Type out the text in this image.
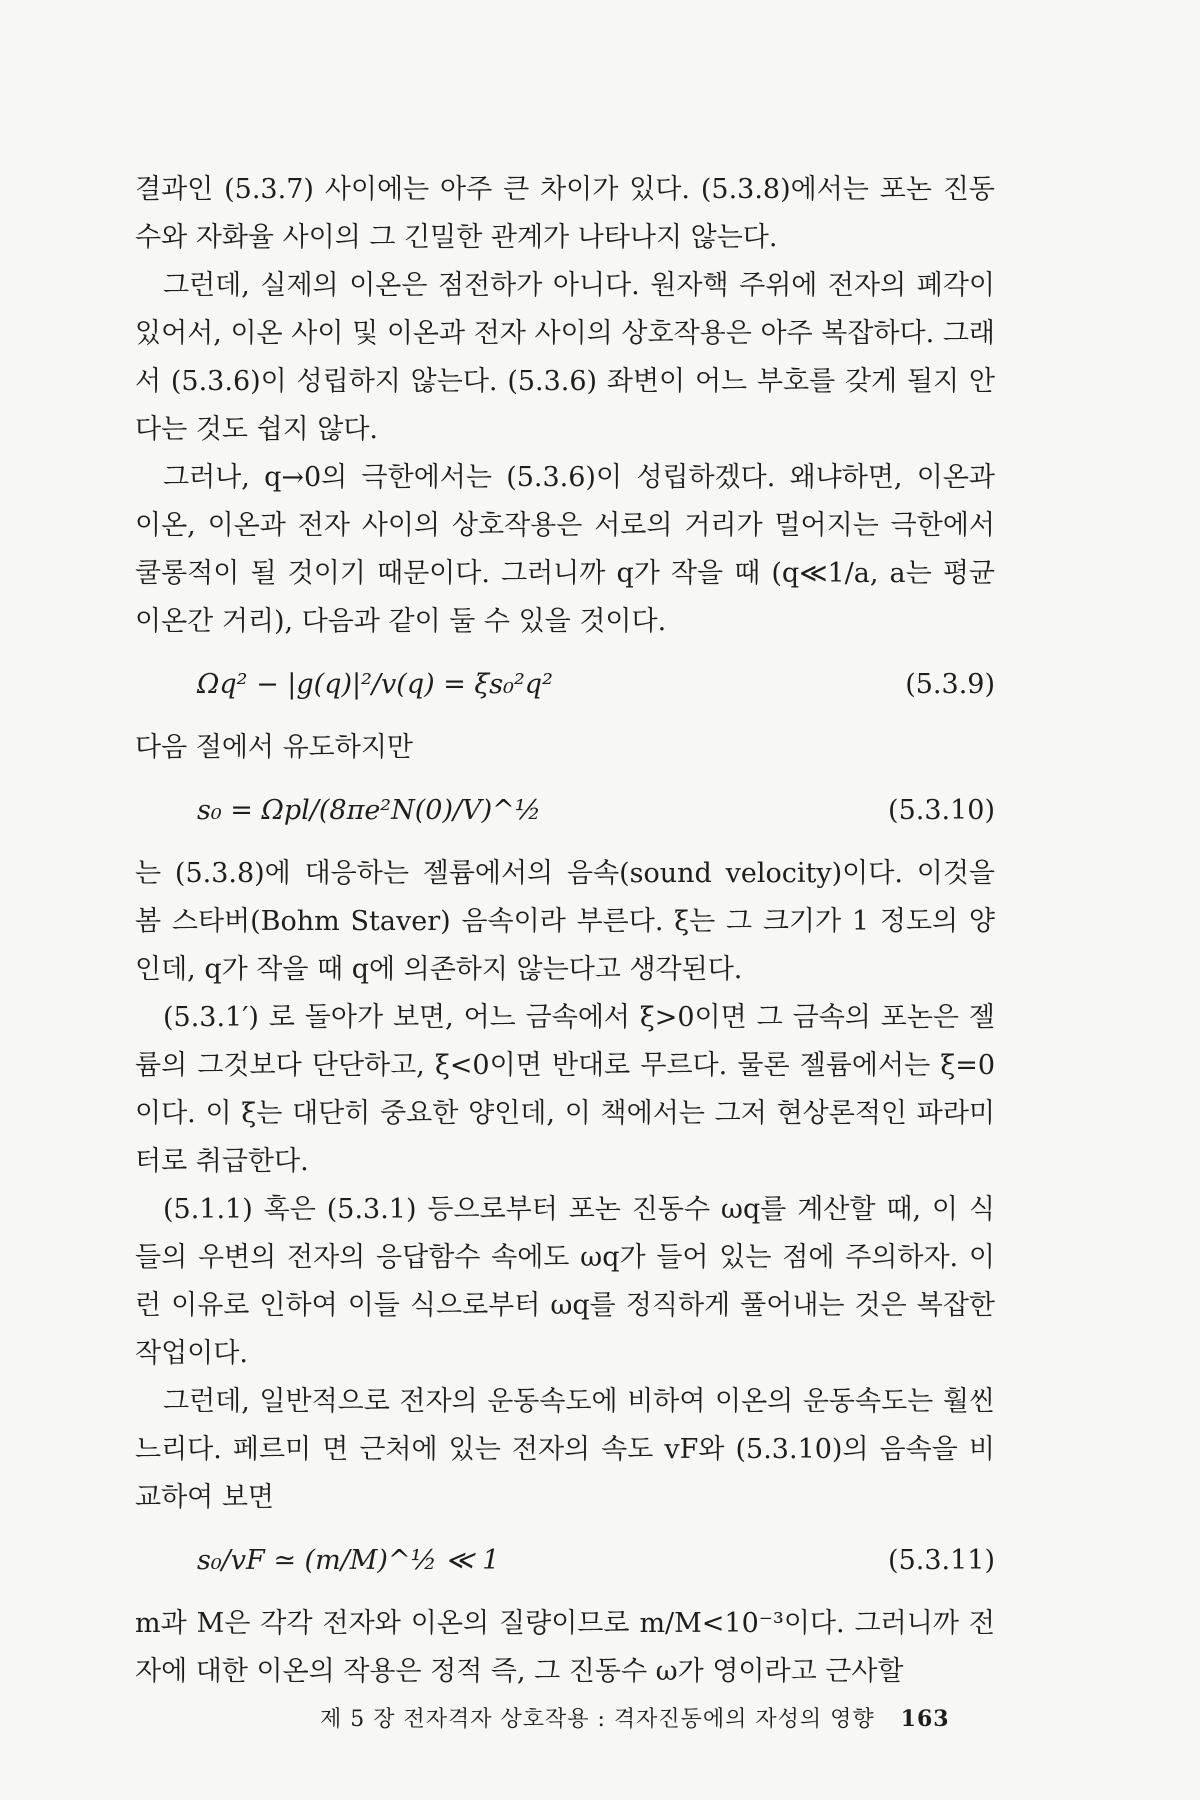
결과인 (5.3.7) 사이에는 아주 큰 차이가 있다. (5.3.8)에서는 포논 진동수와 자화율 사이의 그 긴밀한 관계가 나타나지 않는다.

그런데, 실제의 이온은 점전하가 아니다. 원자핵 주위에 전자의 폐각이 있어서, 이온 사이 및 이온과 전자 사이의 상호작용은 아주 복잡하다. 그래서 (5.3.6)이 성립하지 않는다. (5.3.6) 좌변이 어느 부호를 갖게 될지 안다는 것도 쉽지 않다.

그러나, q→0의 극한에서는 (5.3.6)이 성립하겠다. 왜냐하면, 이온과 이온, 이온과 전자 사이의 상호작용은 서로의 거리가 멀어지는 극한에서 쿨롱적이 될 것이기 때문이다. 그러니까 q가 작을 때 (q≪1/a, a는 평균 이온간 거리), 다음과 같이 둘 수 있을 것이다.

Ωq² − |g(q)|²/v(q) = ξs₀²q²	(5.3.9)

다음 절에서 유도하지만

s₀ = Ωpl/(8πe²N(0)/V)^½	(5.3.10)

는 (5.3.8)에 대응하는 젤륨에서의 음속(sound velocity)이다. 이것을 봄 스타버(Bohm Staver) 음속이라 부른다. ξ는 그 크기가 1 정도의 양인데, q가 작을 때 q에 의존하지 않는다고 생각된다.

(5.3.1′) 로 돌아가 보면, 어느 금속에서 ξ>0이면 그 금속의 포논은 젤륨의 그것보다 단단하고, ξ<0이면 반대로 무르다. 물론 젤륨에서는 ξ=0이다. 이 ξ는 대단히 중요한 양인데, 이 책에서는 그저 현상론적인 파라미터로 취급한다.

(5.1.1) 혹은 (5.3.1) 등으로부터 포논 진동수 ωq를 계산할 때, 이 식들의 우변의 전자의 응답함수 속에도 ωq가 들어 있는 점에 주의하자. 이런 이유로 인하여 이들 식으로부터 ωq를 정직하게 풀어내는 것은 복잡한 작업이다.

그런데, 일반적으로 전자의 운동속도에 비하여 이온의 운동속도는 훨씬 느리다. 페르미 면 근처에 있는 전자의 속도 vF와 (5.3.10)의 음속을 비교하여 보면

s₀/vF ≃ (m/M)^½ ≪ 1	(5.3.11)

m과 M은 각각 전자와 이온의 질량이므로 m/M<10⁻³이다. 그러니까 전자에 대한 이온의 작용은 정적 즉, 그 진동수 ω가 영이라고 근사할

제 5 장 전자격자 상호작용 : 격자진동에의 자성의 영향 163
